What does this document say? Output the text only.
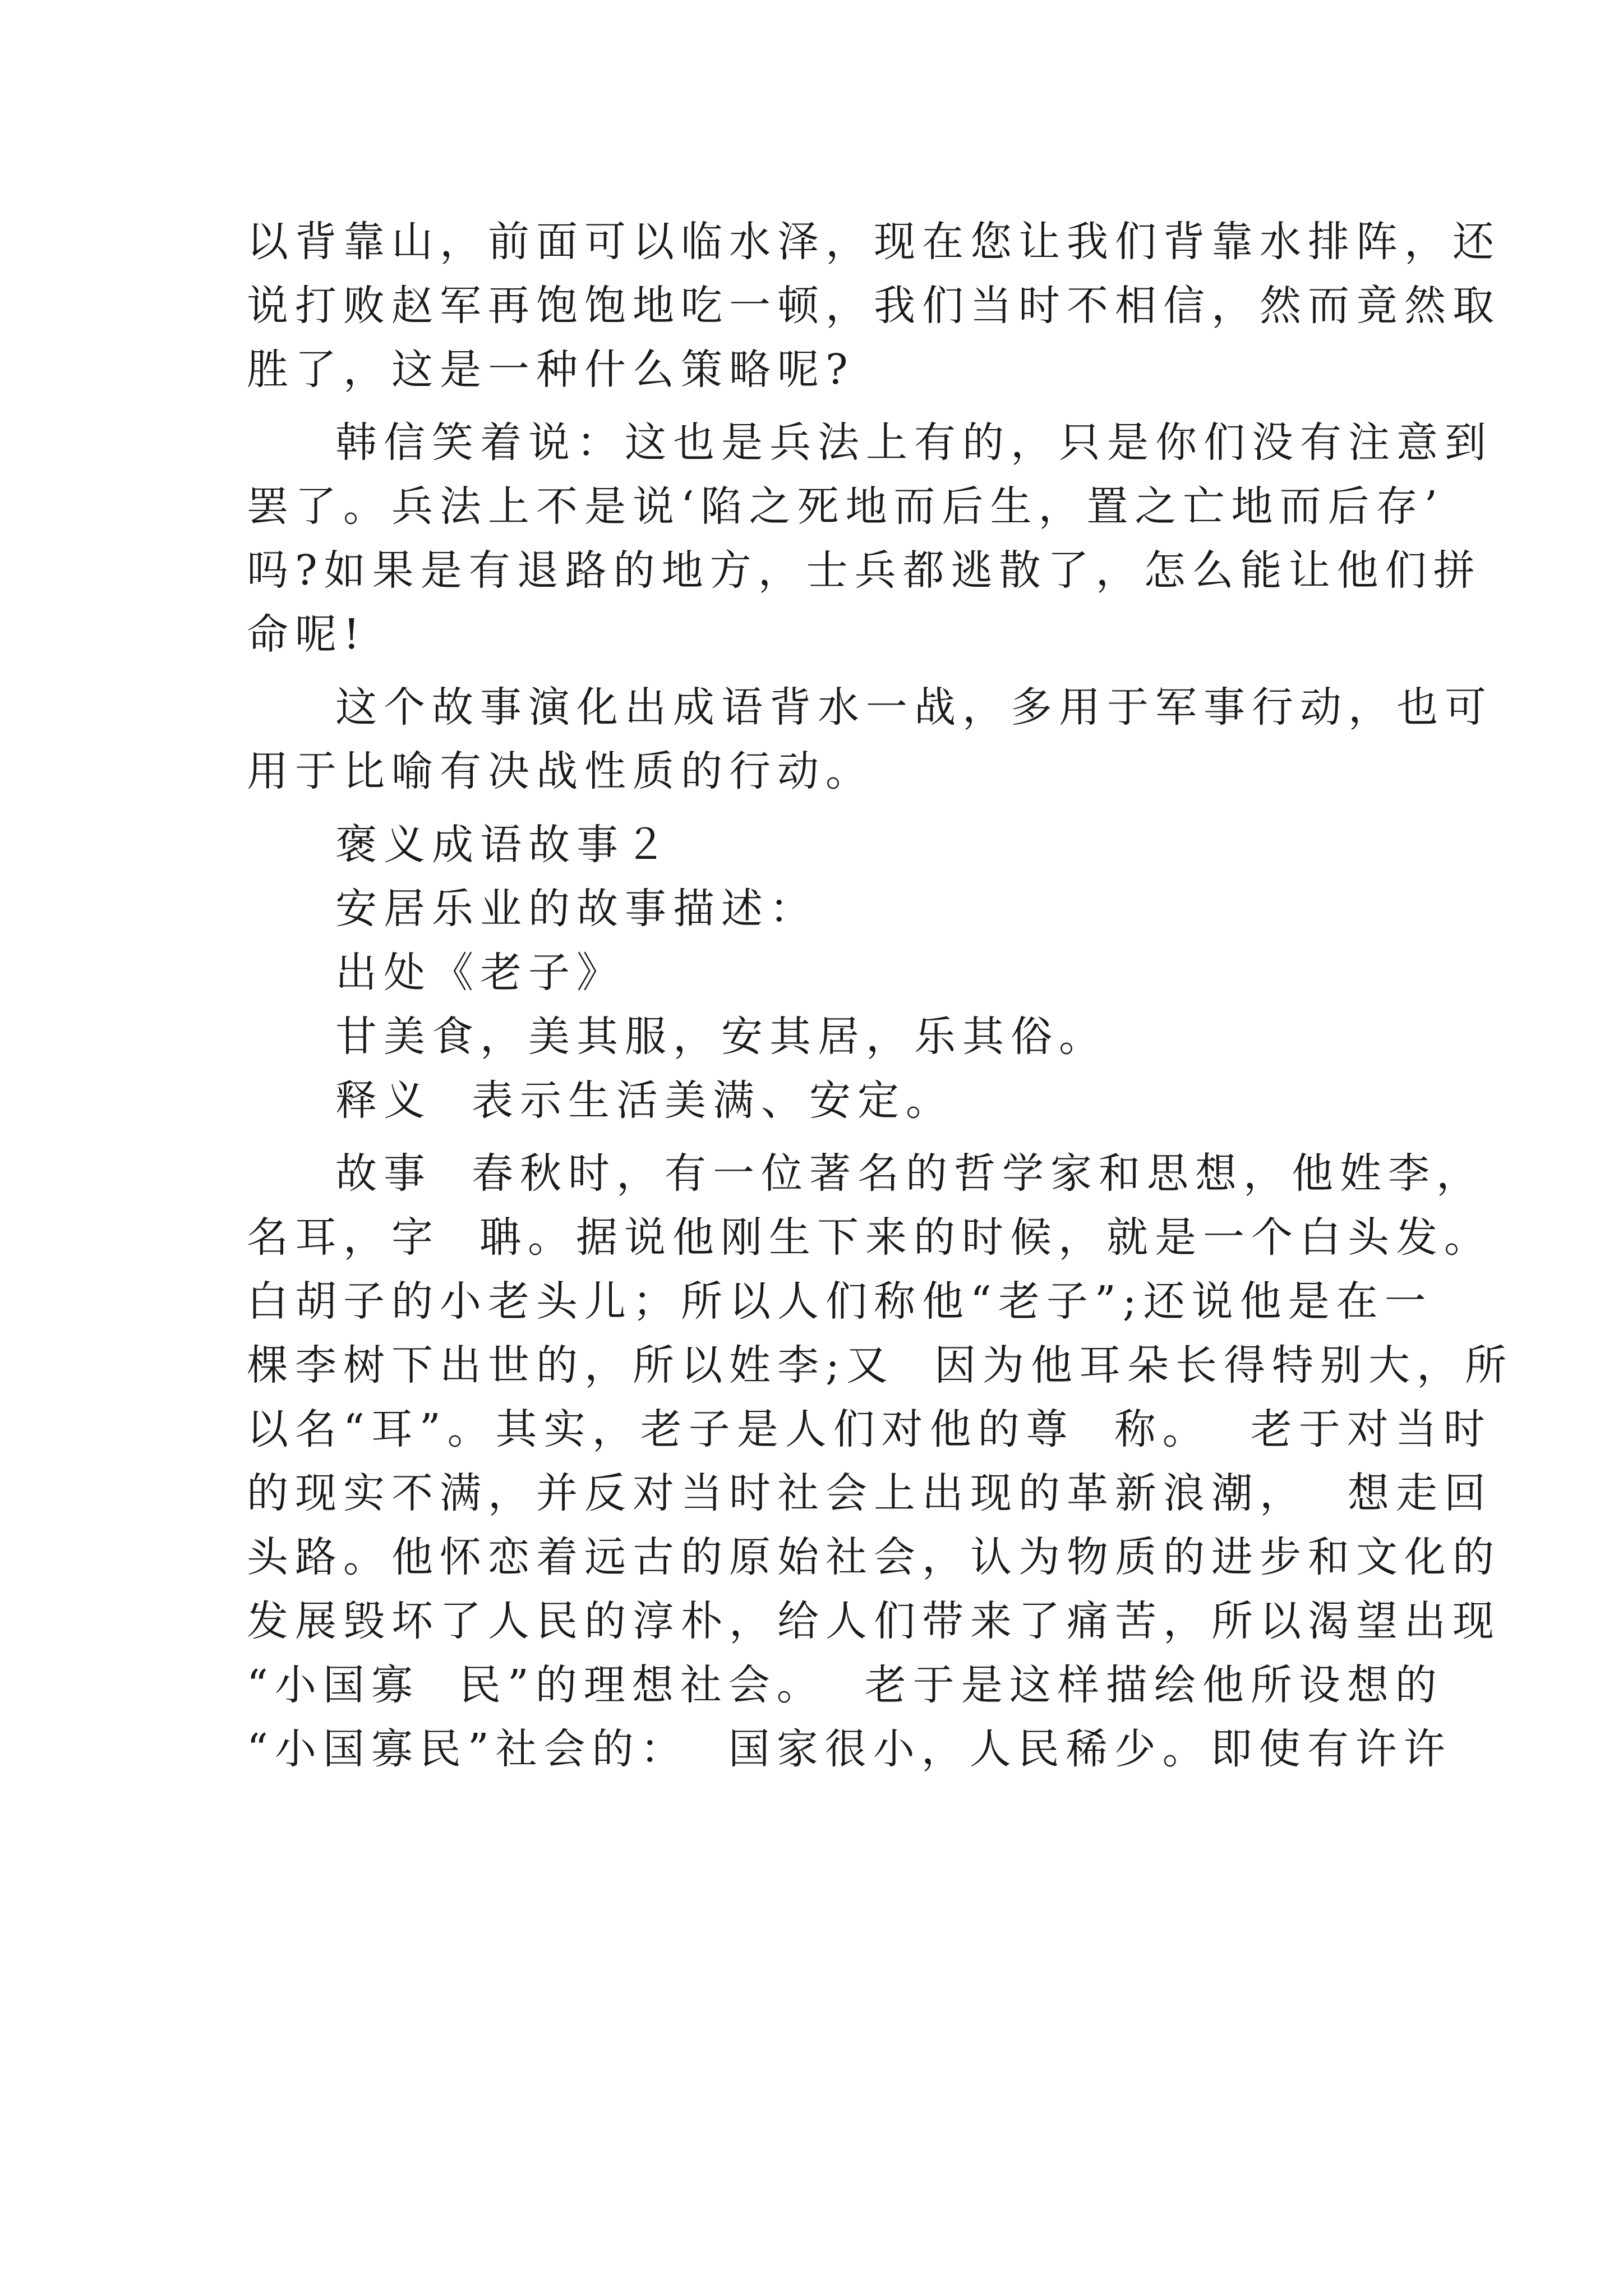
以背靠山，前面可以临水泽，现在您让我们背靠水排阵，还
说打败赵军再饱饱地吃一顿，我们当时不相信，然而竟然取
胜了，这是一种什么策略呢?
韩信笑着说：这也是兵法上有的，只是你们没有注意到
罢了。兵法上不是说‘陷之死地而后生，置之亡地而后存’
吗?如果是有退路的地方，士兵都逃散了，怎么能让他们拼
命呢!
这个故事演化出成语背水一战，多用于军事行动，也可
用于比喻有决战性质的行动。
褒义成语故事２
安居乐业的故事描述：
出处《老子》
甘美食，美其服，安其居，乐其俗。
释义  表示生活美满、安定。
故事  春秋时，有一位著名的哲学家和思想，他姓李，
名耳，字  聃。据说他刚生下来的时候，就是一个白头发。
白胡子的小老头儿；所以人们称他“老子”;还说他是在一
棵李树下出世的，所以姓李;又  因为他耳朵长得特别大，所
以名“耳”。其实，老子是人们对他的尊  称。  老于对当时
的现实不满，并反对当时社会上出现的革新浪潮，  想走回
头路。他怀恋着远古的原始社会，认为物质的进步和文化的
发展毁坏了人民的淳朴，给人们带来了痛苦，所以渴望出现
“小国寡  民”的理想社会。  老于是这样描绘他所设想的
“小国寡民”社会的：  国家很小，人民稀少。即使有许许
